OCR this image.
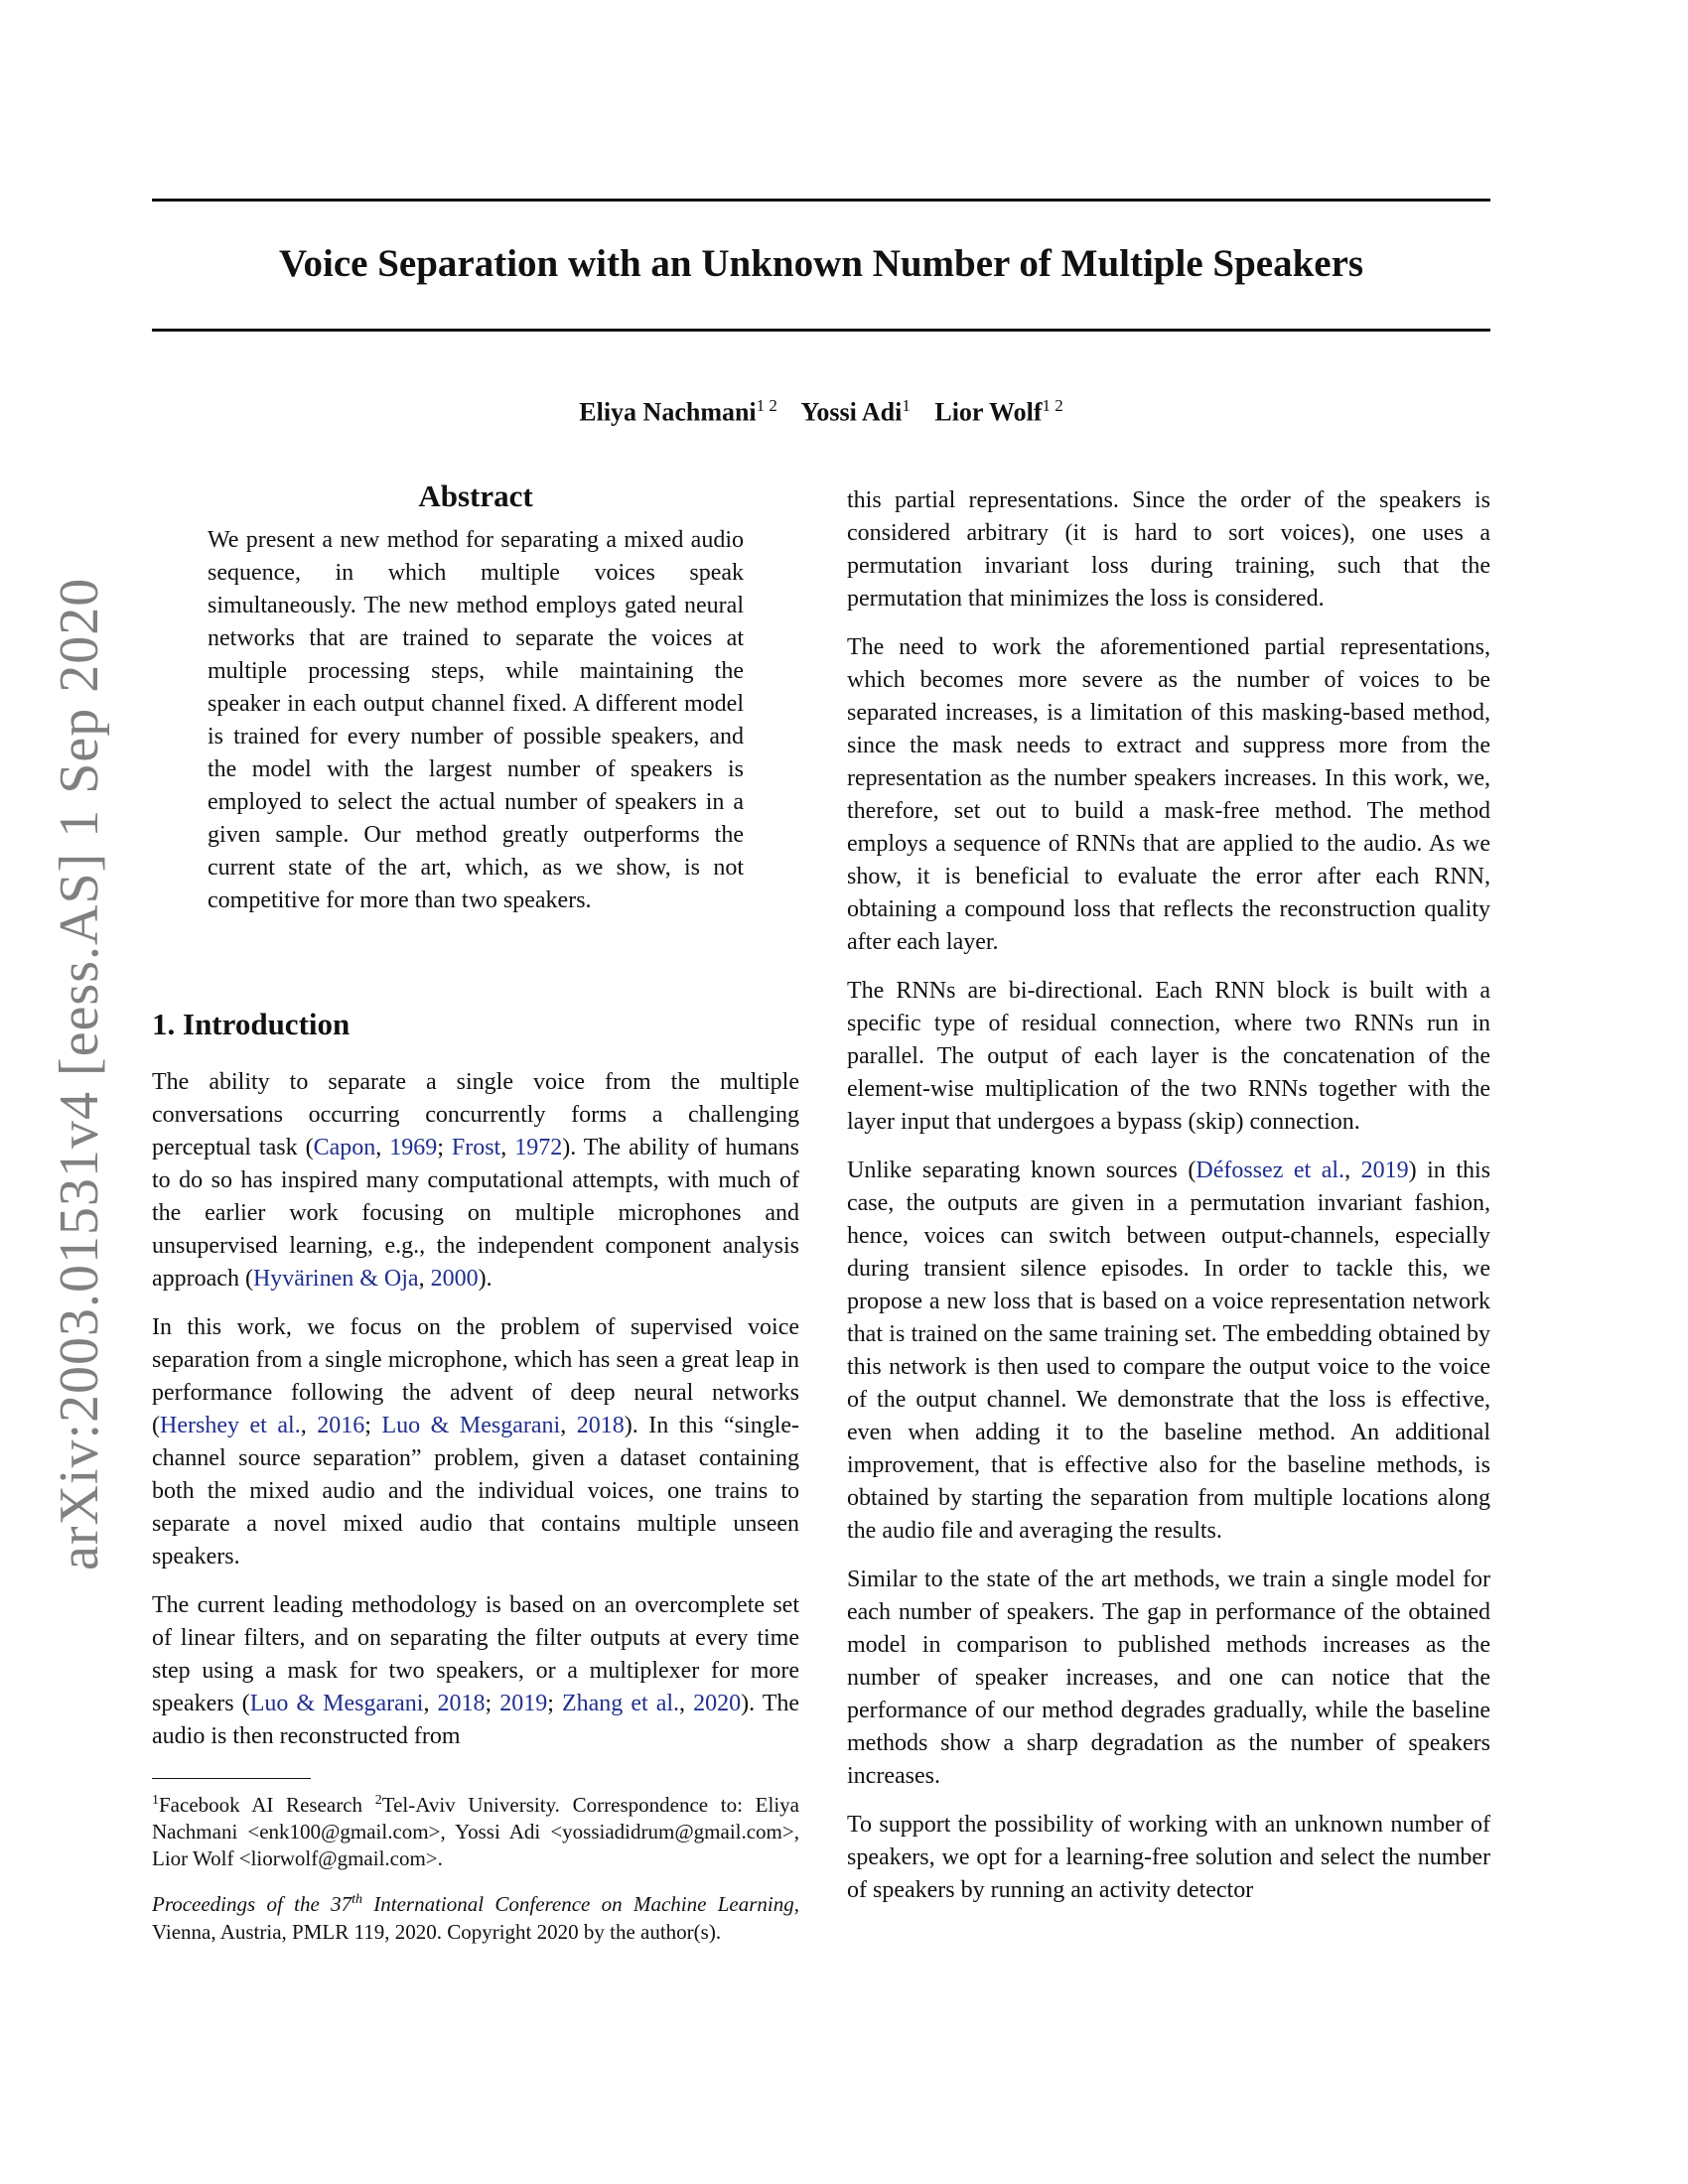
arXiv:2003.01531v4 [eess.AS] 1 Sep 2020
Voice Separation with an Unknown Number of Multiple Speakers
Eliya Nachmani$^{1 2}$ Yossi Adi$^1$ Lior Wolf$^{1 2}$
Abstract

We present a new method for separating a mixed audio sequence, in which multiple voices speak simultaneously. The new method employs gated neural networks that are trained to separate the voices at multiple processing steps, while maintaining the speaker in each output channel fixed. A different model is trained for every number of possible speakers, and the model with the largest number of speakers is employed to select the actual number of speakers in a given sample. Our method greatly outperforms the current state of the art, which, as we show, is not competitive for more than two speakers.

1. Introduction

The ability to separate a single voice from the multiple conversations occurring concurrently forms a challenging perceptual task (Capon, 1969; Frost, 1972). The ability of humans to do so has inspired many computational attempts, with much of the earlier work focusing on multiple microphones and unsupervised learning, e.g., the independent component analysis approach (Hyvärinen & Oja, 2000).

In this work, we focus on the problem of supervised voice separation from a single microphone, which has seen a great leap in performance following the advent of deep neural networks (Hershey et al., 2016; Luo & Mesgarani, 2018). In this “single-channel source separation” problem, given a dataset containing both the mixed audio and the individual voices, one trains to separate a novel mixed audio that contains multiple unseen speakers.

The current leading methodology is based on an overcomplete set of linear filters, and on separating the filter outputs at every time step using a mask for two speakers, or a multiplexer for more speakers (Luo & Mesgarani, 2018; 2019; Zhang et al., 2020). The audio is then reconstructed from

$^1$Facebook AI Research $^2$Tel-Aviv University. Correspondence to: Eliya Nachmani <enk100@gmail.com>, Yossi Adi <yossiadidrum@gmail.com>, Lior Wolf <liorwolf@gmail.com>.

Proceedings of the 37th International Conference on Machine Learning, Vienna, Austria, PMLR 119, 2020. Copyright 2020 by the author(s).

this partial representations. Since the order of the speakers is considered arbitrary (it is hard to sort voices), one uses a permutation invariant loss during training, such that the permutation that minimizes the loss is considered.

The need to work the aforementioned partial representations, which becomes more severe as the number of voices to be separated increases, is a limitation of this masking-based method, since the mask needs to extract and suppress more from the representation as the number speakers increases. In this work, we, therefore, set out to build a mask-free method. The method employs a sequence of RNNs that are applied to the audio. As we show, it is beneficial to evaluate the error after each RNN, obtaining a compound loss that reflects the reconstruction quality after each layer.

The RNNs are bi-directional. Each RNN block is built with a specific type of residual connection, where two RNNs run in parallel. The output of each layer is the concatenation of the element-wise multiplication of the two RNNs together with the layer input that undergoes a bypass (skip) connection.

Unlike separating known sources (Défossez et al., 2019) in this case, the outputs are given in a permutation invariant fashion, hence, voices can switch between output-channels, especially during transient silence episodes. In order to tackle this, we propose a new loss that is based on a voice representation network that is trained on the same training set. The embedding obtained by this network is then used to compare the output voice to the voice of the output channel. We demonstrate that the loss is effective, even when adding it to the baseline method. An additional improvement, that is effective also for the baseline methods, is obtained by starting the separation from multiple locations along the audio file and averaging the results.

Similar to the state of the art methods, we train a single model for each number of speakers. The gap in performance of the obtained model in comparison to published methods increases as the number of speaker increases, and one can notice that the performance of our method degrades gradually, while the baseline methods show a sharp degradation as the number of speakers increases.

To support the possibility of working with an unknown number of speakers, we opt for a learning-free solution and select the number of speakers by running an activity detector
